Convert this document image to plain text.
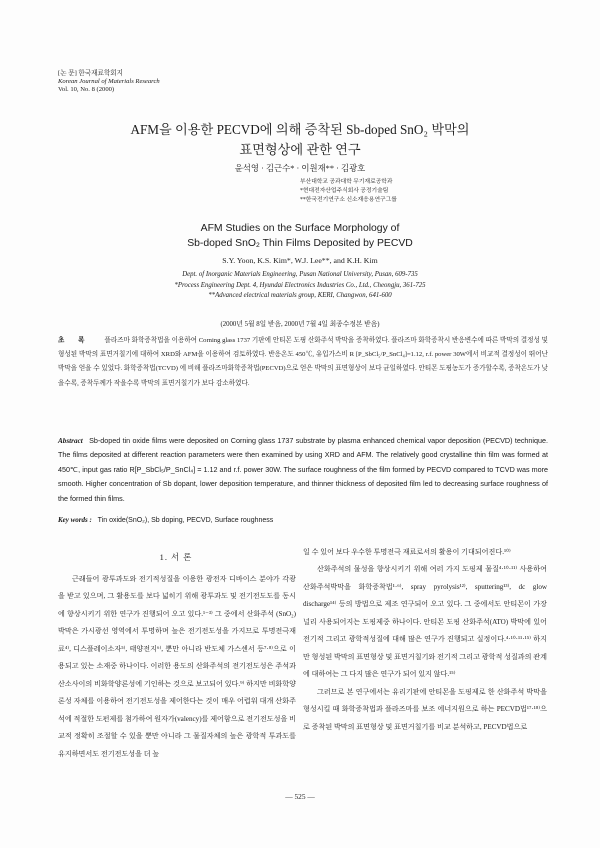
[논 문] 한국재료학회지
Korean Journal of Materials Research
Vol. 10, No. 8 (2000)
AFM을 이용한 PECVD에 의해 증착된 Sb-doped SnO₂ 박막의
표면형상에 관한 연구
윤석영 · 김근수* · 이원재** · 김광호
부산대학교 공과대학 무기재료공학과
*현대전자산업주식회사 공정기술팀
**한국전기연구소 신소재응용연구그룹
AFM Studies on the Surface Morphology of
Sb-doped SnO₂ Thin Films Deposited by PECVD
S.Y. Yoon, K.S. Kim*, W.J. Lee**, and K.H. Kim
Dept. of Inorganic Materials Engineering, Pusan National University, Pusan, 609-735
*Process Engineering Dept. 4, Hyundai Electronics Industries Co., Ltd., Cheongju, 361-725
**Advanced electrical materials group, KERI, Changwon, 641-600
(2000년 5월 8일 받음, 2000년 7월 4일 최종수정본 받음)
초 록 플라즈마 화학증착법을 이용하여 Corning glass 1737 기판에 안티몬 도핑 산화주석 박막을 증착하였다. 플라즈마 화학증착시 반응변수에 따른 박막의 결정성 및 형성된 박막의 표면거칠기에 대하여 XRD와 AFM을 이용하여 검토하였다. 반응온도 450℃, 유입가스비 R [P_SbCl₅/P_SnCl₄]=1.12, r.f. power 30W에서 비교적 결정성이 뛰어난 박막을 얻을 수 있었다. 화학증착법(TCVD) 에 비해 플라즈마화학증착법(PECVD)으로 얻은 박막의 표면형상이 보다 균일하였다. 안티몬 도핑농도가 증가할수록, 증착온도가 낮을수록, 증착두께가 작을수록 박막의 표면거칠기가 보다 감소하였다.
Abstract Sb-doped tin oxide films were deposited on Corning glass 1737 substrate by plasma enhanced chemical vapor deposition (PECVD) technique. The films deposited at different reaction parameters were then examined by using XRD and AFM. The relatively good crystalline thin film was formed at 450℃, input gas ratio R[P_SbCl₅/P_SnCl₄] = 1.12 and r.f. power 30W. The surface roughness of the film formed by PECVD compared to TCVD was more smooth. Higher concentration of Sb dopant, lower deposition temperature, and thinner thickness of deposited film led to decreasing surface roughness of the formed thin films.
Key words : Tin oxide(SnO₂), Sb doping, PECVD, Surface roughness
1. 서 론

근래들어 광투과도와 전기적성질을 이용한 광전자 디바이스 분야가 각광을 받고 있으며, 그 활용도를 보다 넓히기 위해 광투과도 및 전기전도도를 동시에 향상시키기 위한 연구가 진행되어 오고 있다.¹⁻³⁾ 그 중에서 산화주석 (SnO₂) 박막은 가시광선 영역에서 투명하며 높은 전기전도성을 가지므로 투명전극재료⁴⁾, 디스플레이소자⁵⁾, 태양전지⁶⁾, 뿐만 아니라 반도체 가스센서 등⁷·⁸⁾으로 이용되고 있는 소재중 하나이다. 이러한 용도의 산화주석의 전기전도성은 주석과 산소사이의 비화학양론성에 기인하는 것으로 보고되어 있다.⁹⁾ 하지만 비화학양론성 자체를 이용하여 전기전도성을 제어한다는 것이 매우 어렵워 대개 산화주석에 적절한 도펀제를 첨가하여 원자가(valency)를 제어함으로 전기전도성을 비교적 정확히 조절할 수 있을 뿐만 아니라 그 물질자체의 높은 광학적 투과도를 유지하면서도 전기전도성을 더 높

일 수 있어 보다 우수한 투명전극 재료로서의 활용이 기대되어진다.¹⁰⁾

산화주석의 물성을 향상시키기 위해 여러 가지 도핑제 물질⁴·¹⁰·¹¹⁾ 사용하여 산화주석박막을 화학증착법¹·⁶⁾, spray pyrolysis¹²⁾, sputtering¹³⁾, dc glow discharge¹⁴⁾ 등의 방법으로 제조 연구되어 오고 있다. 그 중에서도 안티몬이 가장 널리 사용되어지는 도핑제중 하나이다. 안티몬 도핑 산화주석(ATO) 박막에 있어 전기적 그리고 광학적성질에 대해 많은 연구가 진행되고 실정이다.⁴·¹⁰·¹¹·¹⁵⁾ 하지만 형성된 박막의 표면형상 및 표면거칠기와 전기적 그리고 광학적 성질과의 관계에 대하여는 그 다지 많은 연구가 되어 있지 않다.¹⁵⁾

그러므로 본 연구에서는 유리기판에 안티몬을 도핑제로 한 산화주석 박막을 형성시킬 때 화학증착법과 플라즈마를 보조 에너지원으로 하는 PECVD법¹⁷·¹⁸⁾으로 증착된 박막의 표면형상 및 표면거칠기를 비교 분석하고, PECVD법으로

— 525 —
